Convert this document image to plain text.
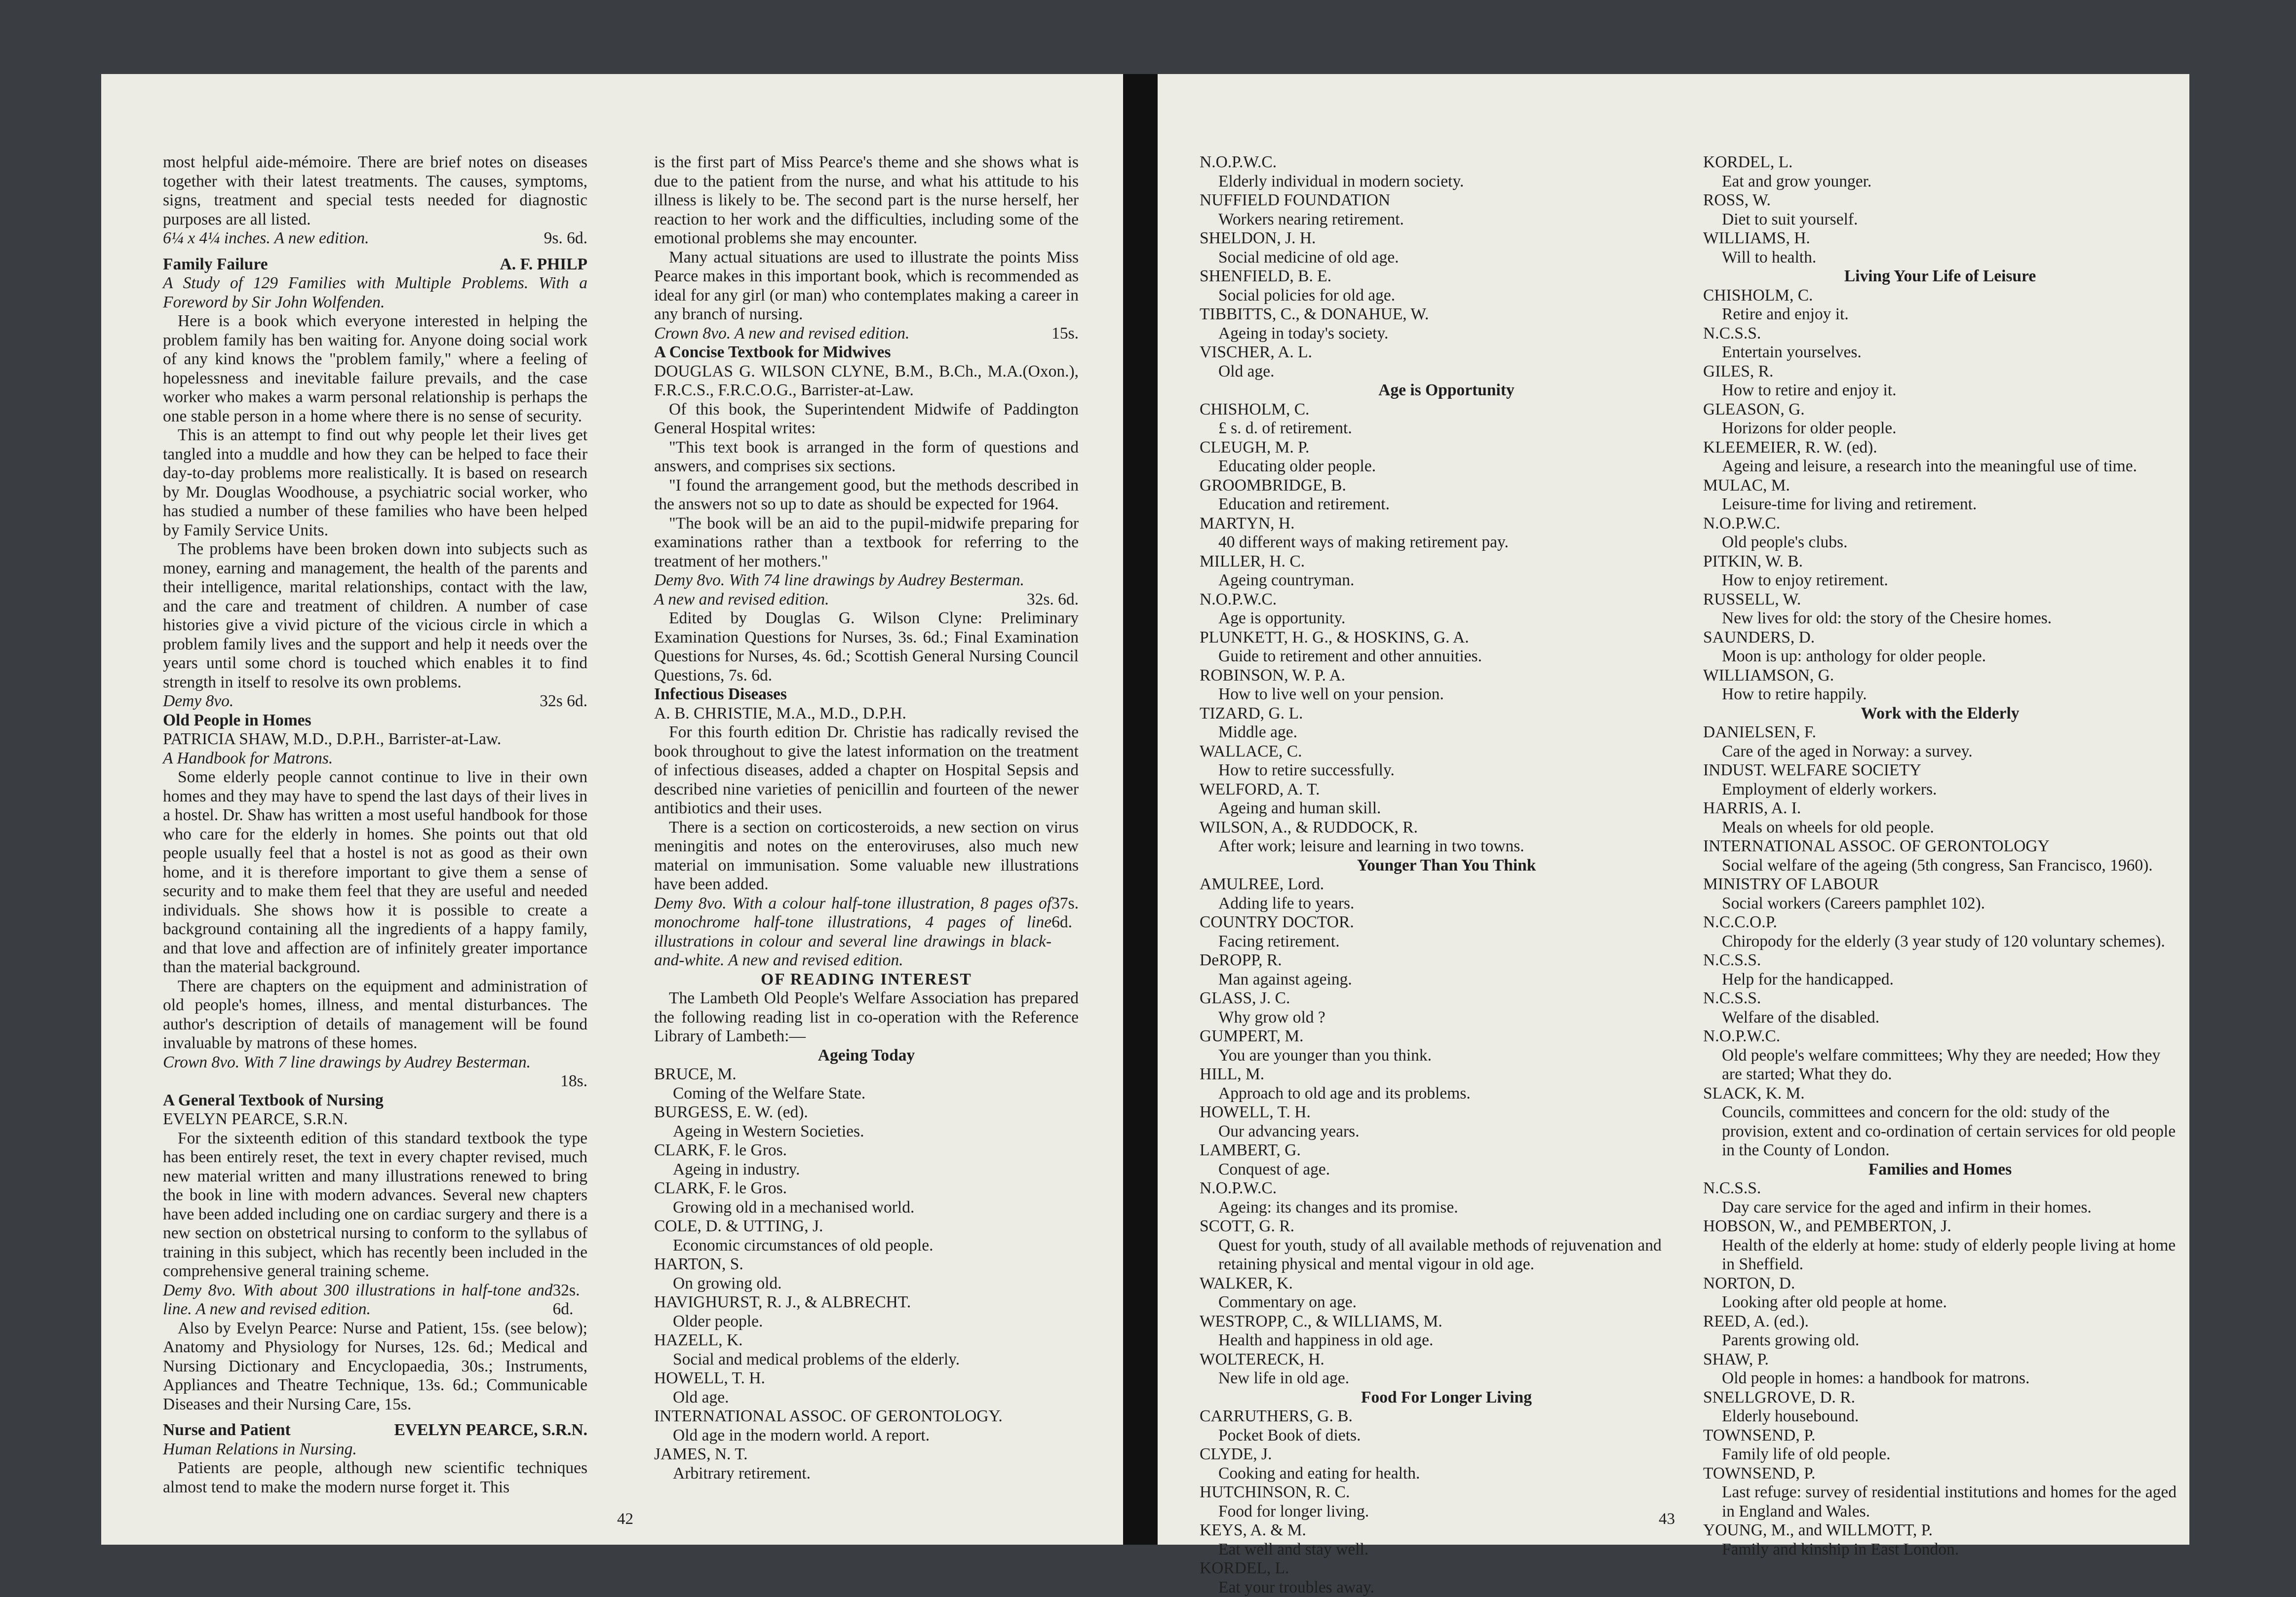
most helpful aide-mémoire. There are brief notes on diseases together with their latest treatments. The causes, symptoms, signs, treatment and special tests needed for diagnostic purposes are all listed.

6¼ x 4¼ inches. A new edition.	9s. 6d.
Family Failure	A. F. PHILP

A Study of 129 Families with Multiple Problems. With a Foreword by Sir John Wolfenden.

Here is a book which everyone interested in helping the problem family has ben waiting for. Anyone doing social work of any kind knows the "problem family," where a feeling of hopelessness and inevitable failure prevails, and the case worker who makes a warm personal relationship is perhaps the one stable person in a home where there is no sense of security.

This is an attempt to find out why people let their lives get tangled into a muddle and how they can be helped to face their day-to-day problems more realistically. It is based on research by Mr. Douglas Woodhouse, a psychiatric social worker, who has studied a number of these families who have been helped by Family Service Units.

The problems have been broken down into subjects such as money, earning and management, the health of the parents and their intelligence, marital relationships, contact with the law, and the care and treatment of children. A number of case histories give a vivid picture of the vicious circle in which a problem family lives and the support and help it needs over the years until some chord is touched which enables it to find strength in itself to resolve its own problems.

Demy 8vo.	32s 6d.

Old People in Homes

PATRICIA SHAW, M.D., D.P.H., Barrister-at-Law.

A Handbook for Matrons.

Some elderly people cannot continue to live in their own homes and they may have to spend the last days of their lives in a hostel. Dr. Shaw has written a most useful handbook for those who care for the elderly in homes. She points out that old people usually feel that a hostel is not as good as their own home, and it is therefore important to give them a sense of security and to make them feel that they are useful and needed individuals. She shows how it is possible to create a background containing all the ingredients of a happy family, and that love and affection are of infinitely greater importance than the material background.

There are chapters on the equipment and administration of old people's homes, illness, and mental disturbances. The author's description of details of management will be found invaluable by matrons of these homes.

Crown 8vo. With 7 line drawings by Audrey Besterman.

18s.

A General Textbook of Nursing

EVELYN PEARCE, S.R.N.

For the sixteenth edition of this standard textbook the type has been entirely reset, the text in every chapter revised, much new material written and many illustrations renewed to bring the book in line with modern advances. Several new chapters have been added including one on cardiac surgery and there is a new section on obstetrical nursing to conform to the syllabus of training in this subject, which has recently been included in the comprehensive general training scheme.

Demy 8vo. With about 300 illustrations in half-tone and line. A new and revised edition.
32s. 6d.

Also by Evelyn Pearce: Nurse and Patient, 15s. (see below); Anatomy and Physiology for Nurses, 12s. 6d.; Medical and Nursing Dictionary and Encyclopaedia, 30s.; Instruments, Appliances and Theatre Technique, 13s. 6d.; Communicable Diseases and their Nursing Care, 15s.

Nurse and Patient	EVELYN PEARCE, S.R.N.

Human Relations in Nursing.

Patients are people, although new scientific techniques almost tend to make the modern nurse forget it. This

is the first part of Miss Pearce's theme and she shows what is due to the patient from the nurse, and what his attitude to his illness is likely to be. The second part is the nurse herself, her reaction to her work and the difficulties, including some of the emotional problems she may encounter.

Many actual situations are used to illustrate the points Miss Pearce makes in this important book, which is recommended as ideal for any girl (or man) who contemplates making a career in any branch of nursing.

Crown 8vo. A new and revised edition.	15s.

A Concise Textbook for Midwives

DOUGLAS G. WILSON CLYNE, B.M., B.Ch., M.A.(Oxon.), F.R.C.S., F.R.C.O.G., Barrister-at-Law.

Of this book, the Superintendent Midwife of Paddington General Hospital writes:

"This text book is arranged in the form of questions and answers, and comprises six sections.

"I found the arrangement good, but the methods described in the answers not so up to date as should be expected for 1964.

"The book will be an aid to the pupil-midwife preparing for examinations rather than a textbook for referring to the treatment of her mothers."

Demy 8vo. With 74 line drawings by Audrey Besterman.

A new and revised edition.	32s. 6d.

Edited by Douglas G. Wilson Clyne: Preliminary Examination Questions for Nurses, 3s. 6d.; Final Examination Questions for Nurses, 4s. 6d.; Scottish General Nursing Council Questions, 7s. 6d.

Infectious Diseases

A. B. CHRISTIE, M.A., M.D., D.P.H.

For this fourth edition Dr. Christie has radically revised the book throughout to give the latest information on the treatment of infectious diseases, added a chapter on Hospital Sepsis and described nine varieties of penicillin and fourteen of the newer antibiotics and their uses.

There is a section on corticosteroids, a new section on virus meningitis and notes on the enteroviruses, also much new material on immunisation. Some valuable new illustrations have been added.

Demy 8vo. With a colour half-tone illustration, 8 pages of monochrome half-tone illustrations, 4 pages of line illustrations in colour and several line drawings in black-and-white. A new and revised edition.
37s. 6d.

OF READING INTEREST

The Lambeth Old People's Welfare Association has prepared the following reading list in co-operation with the Reference Library of Lambeth:—

Ageing Today

BRUCE, M.
Coming of the Welfare State.
BURGESS, E. W. (ed).
Ageing in Western Societies.
CLARK, F. le Gros.
Ageing in industry.
CLARK, F. le Gros.
Growing old in a mechanised world.
COLE, D. & UTTING, J.
Economic circumstances of old people.
HARTON, S.
On growing old.
HAVIGHURST, R. J., & ALBRECHT.
Older people.
HAZELL, K.
Social and medical problems of the elderly.
HOWELL, T. H.
Old age.
INTERNATIONAL ASSOC. OF GERONTOLOGY.
Old age in the modern world. A report.
JAMES, N. T.
Arbitrary retirement.
42
N.O.P.W.C.
Elderly individual in modern society.
NUFFIELD FOUNDATION
Workers nearing retirement.
SHELDON, J. H.
Social medicine of old age.
SHENFIELD, B. E.
Social policies for old age.
TIBBITTS, C., & DONAHUE, W.
Ageing in today's society.
VISCHER, A. L.
Old age.

Age is Opportunity

CHISHOLM, C.
£ s. d. of retirement.
CLEUGH, M. P.
Educating older people.
GROOMBRIDGE, B.
Education and retirement.
MARTYN, H.
40 different ways of making retirement pay.
MILLER, H. C.
Ageing countryman.
N.O.P.W.C.
Age is opportunity.
PLUNKETT, H. G., & HOSKINS, G. A.
Guide to retirement and other annuities.
ROBINSON, W. P. A.
How to live well on your pension.
TIZARD, G. L.
Middle age.
WALLACE, C.
How to retire successfully.
WELFORD, A. T.
Ageing and human skill.
WILSON, A., & RUDDOCK, R.
After work; leisure and learning in two towns.

Younger Than You Think

AMULREE, Lord.
Adding life to years.
COUNTRY DOCTOR.
Facing retirement.
DeROPP, R.
Man against ageing.
GLASS, J. C.
Why grow old ?
GUMPERT, M.
You are younger than you think.
HILL, M.
Approach to old age and its problems.
HOWELL, T. H.
Our advancing years.
LAMBERT, G.
Conquest of age.
N.O.P.W.C.
Ageing: its changes and its promise.
SCOTT, G. R.
Quest for youth, study of all available methods of rejuvenation and retaining physical and mental vigour in old age.
WALKER, K.
Commentary on age.
WESTROPP, C., & WILLIAMS, M.
Health and happiness in old age.
WOLTERECK, H.
New life in old age.

Food For Longer Living

CARRUTHERS, G. B.
Pocket Book of diets.
CLYDE, J.
Cooking and eating for health.
HUTCHINSON, R. C.
Food for longer living.
KEYS, A. & M.
Eat well and stay well.
KORDEL, L.
Eat your troubles away.
KORDEL, L.
Eat and grow younger.
ROSS, W.
Diet to suit yourself.
WILLIAMS, H.
Will to health.

Living Your Life of Leisure

CHISHOLM, C.
Retire and enjoy it.
N.C.S.S.
Entertain yourselves.
GILES, R.
How to retire and enjoy it.
GLEASON, G.
Horizons for older people.
KLEEMEIER, R. W. (ed).
Ageing and leisure, a research into the meaningful use of time.
MULAC, M.
Leisure-time for living and retirement.
N.O.P.W.C.
Old people's clubs.
PITKIN, W. B.
How to enjoy retirement.
RUSSELL, W.
New lives for old: the story of the Chesire homes.
SAUNDERS, D.
Moon is up: anthology for older people.
WILLIAMSON, G.
How to retire happily.

Work with the Elderly

DANIELSEN, F.
Care of the aged in Norway: a survey.
INDUST. WELFARE SOCIETY
Employment of elderly workers.
HARRIS, A. I.
Meals on wheels for old people.
INTERNATIONAL ASSOC. OF GERONTOLOGY
Social welfare of the ageing (5th congress, San Francisco, 1960).
MINISTRY OF LABOUR
Social workers (Careers pamphlet 102).
N.C.C.O.P.
Chiropody for the elderly (3 year study of 120 voluntary schemes).
N.C.S.S.
Help for the handicapped.
N.C.S.S.
Welfare of the disabled.
N.O.P.W.C.
Old people's welfare committees; Why they are needed; How they are started; What they do.
SLACK, K. M.
Councils, committees and concern for the old: study of the provision, extent and co-ordination of certain services for old people in the County of London.

Families and Homes

N.C.S.S.
Day care service for the aged and infirm in their homes.
HOBSON, W., and PEMBERTON, J.
Health of the elderly at home: study of elderly people living at home in Sheffield.
NORTON, D.
Looking after old people at home.
REED, A. (ed.).
Parents growing old.
SHAW, P.
Old people in homes: a handbook for matrons.
SNELLGROVE, D. R.
Elderly housebound.
TOWNSEND, P.
Family life of old people.
TOWNSEND, P.
Last refuge: survey of residential institutions and homes for the aged in England and Wales.
YOUNG, M., and WILLMOTT, P.
Family and kinship in East London.
43
